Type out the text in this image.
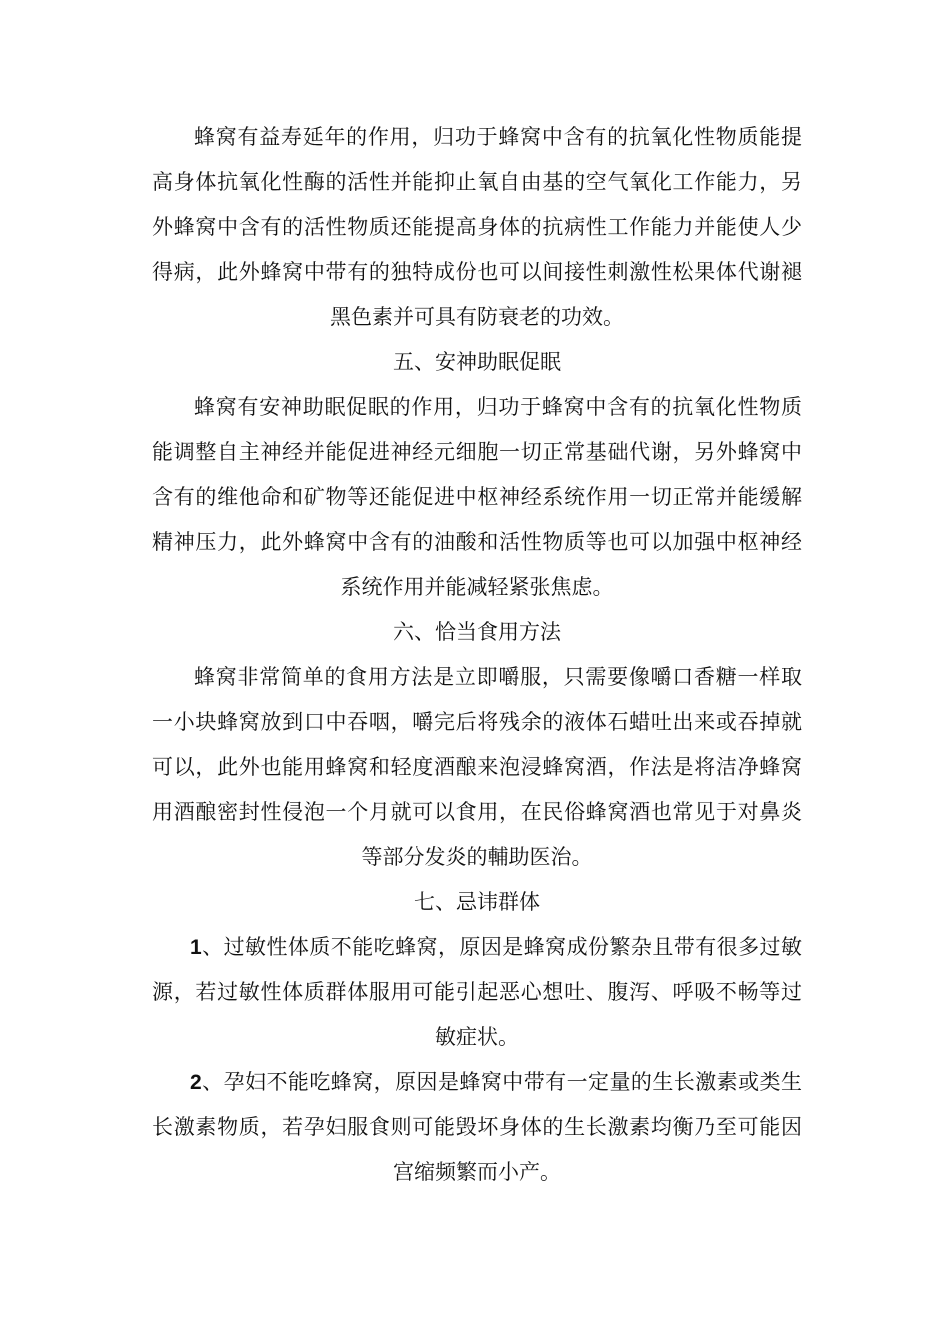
蜂窝有益寿延年的作用，归功于蜂窝中含有的抗氧化性物质能提高身体抗氧化性酶的活性并能抑止氧自由基的空气氧化工作能力，另外蜂窝中含有的活性物质还能提高身体的抗病性工作能力并能使人少得病，此外蜂窝中带有的独特成份也可以间接性刺激性松果体代谢褪黑色素并可具有防衰老的功效。

五、安神助眠促眠

蜂窝有安神助眠促眠的作用，归功于蜂窝中含有的抗氧化性物质能调整自主神经并能促进神经元细胞一切正常基础代谢，另外蜂窝中含有的维他命和矿物等还能促进中枢神经系统作用一切正常并能缓解精神压力，此外蜂窝中含有的油酸和活性物质等也可以加强中枢神经系统作用并能减轻紧张焦虑。

六、恰当食用方法

蜂窝非常简单的食用方法是立即嚼服，只需要像嚼口香糖一样取一小块蜂窝放到口中吞咽，嚼完后将残余的液体石蜡吐出来或吞掉就可以，此外也能用蜂窝和轻度酒酿来泡浸蜂窝酒，作法是将洁净蜂窝用酒酿密封性侵泡一个月就可以食用，在民俗蜂窝酒也常见于对鼻炎等部分发炎的輔助医治。

七、忌讳群体

1、过敏性体质不能吃蜂窝，原因是蜂窝成份繁杂且带有很多过敏源，若过敏性体质群体服用可能引起恶心想吐、腹泻、呼吸不畅等过敏症状。

2、孕妇不能吃蜂窝，原因是蜂窝中带有一定量的生长激素或类生长激素物质，若孕妇服食则可能毁坏身体的生长激素均衡乃至可能因宫缩频繁而小产。
